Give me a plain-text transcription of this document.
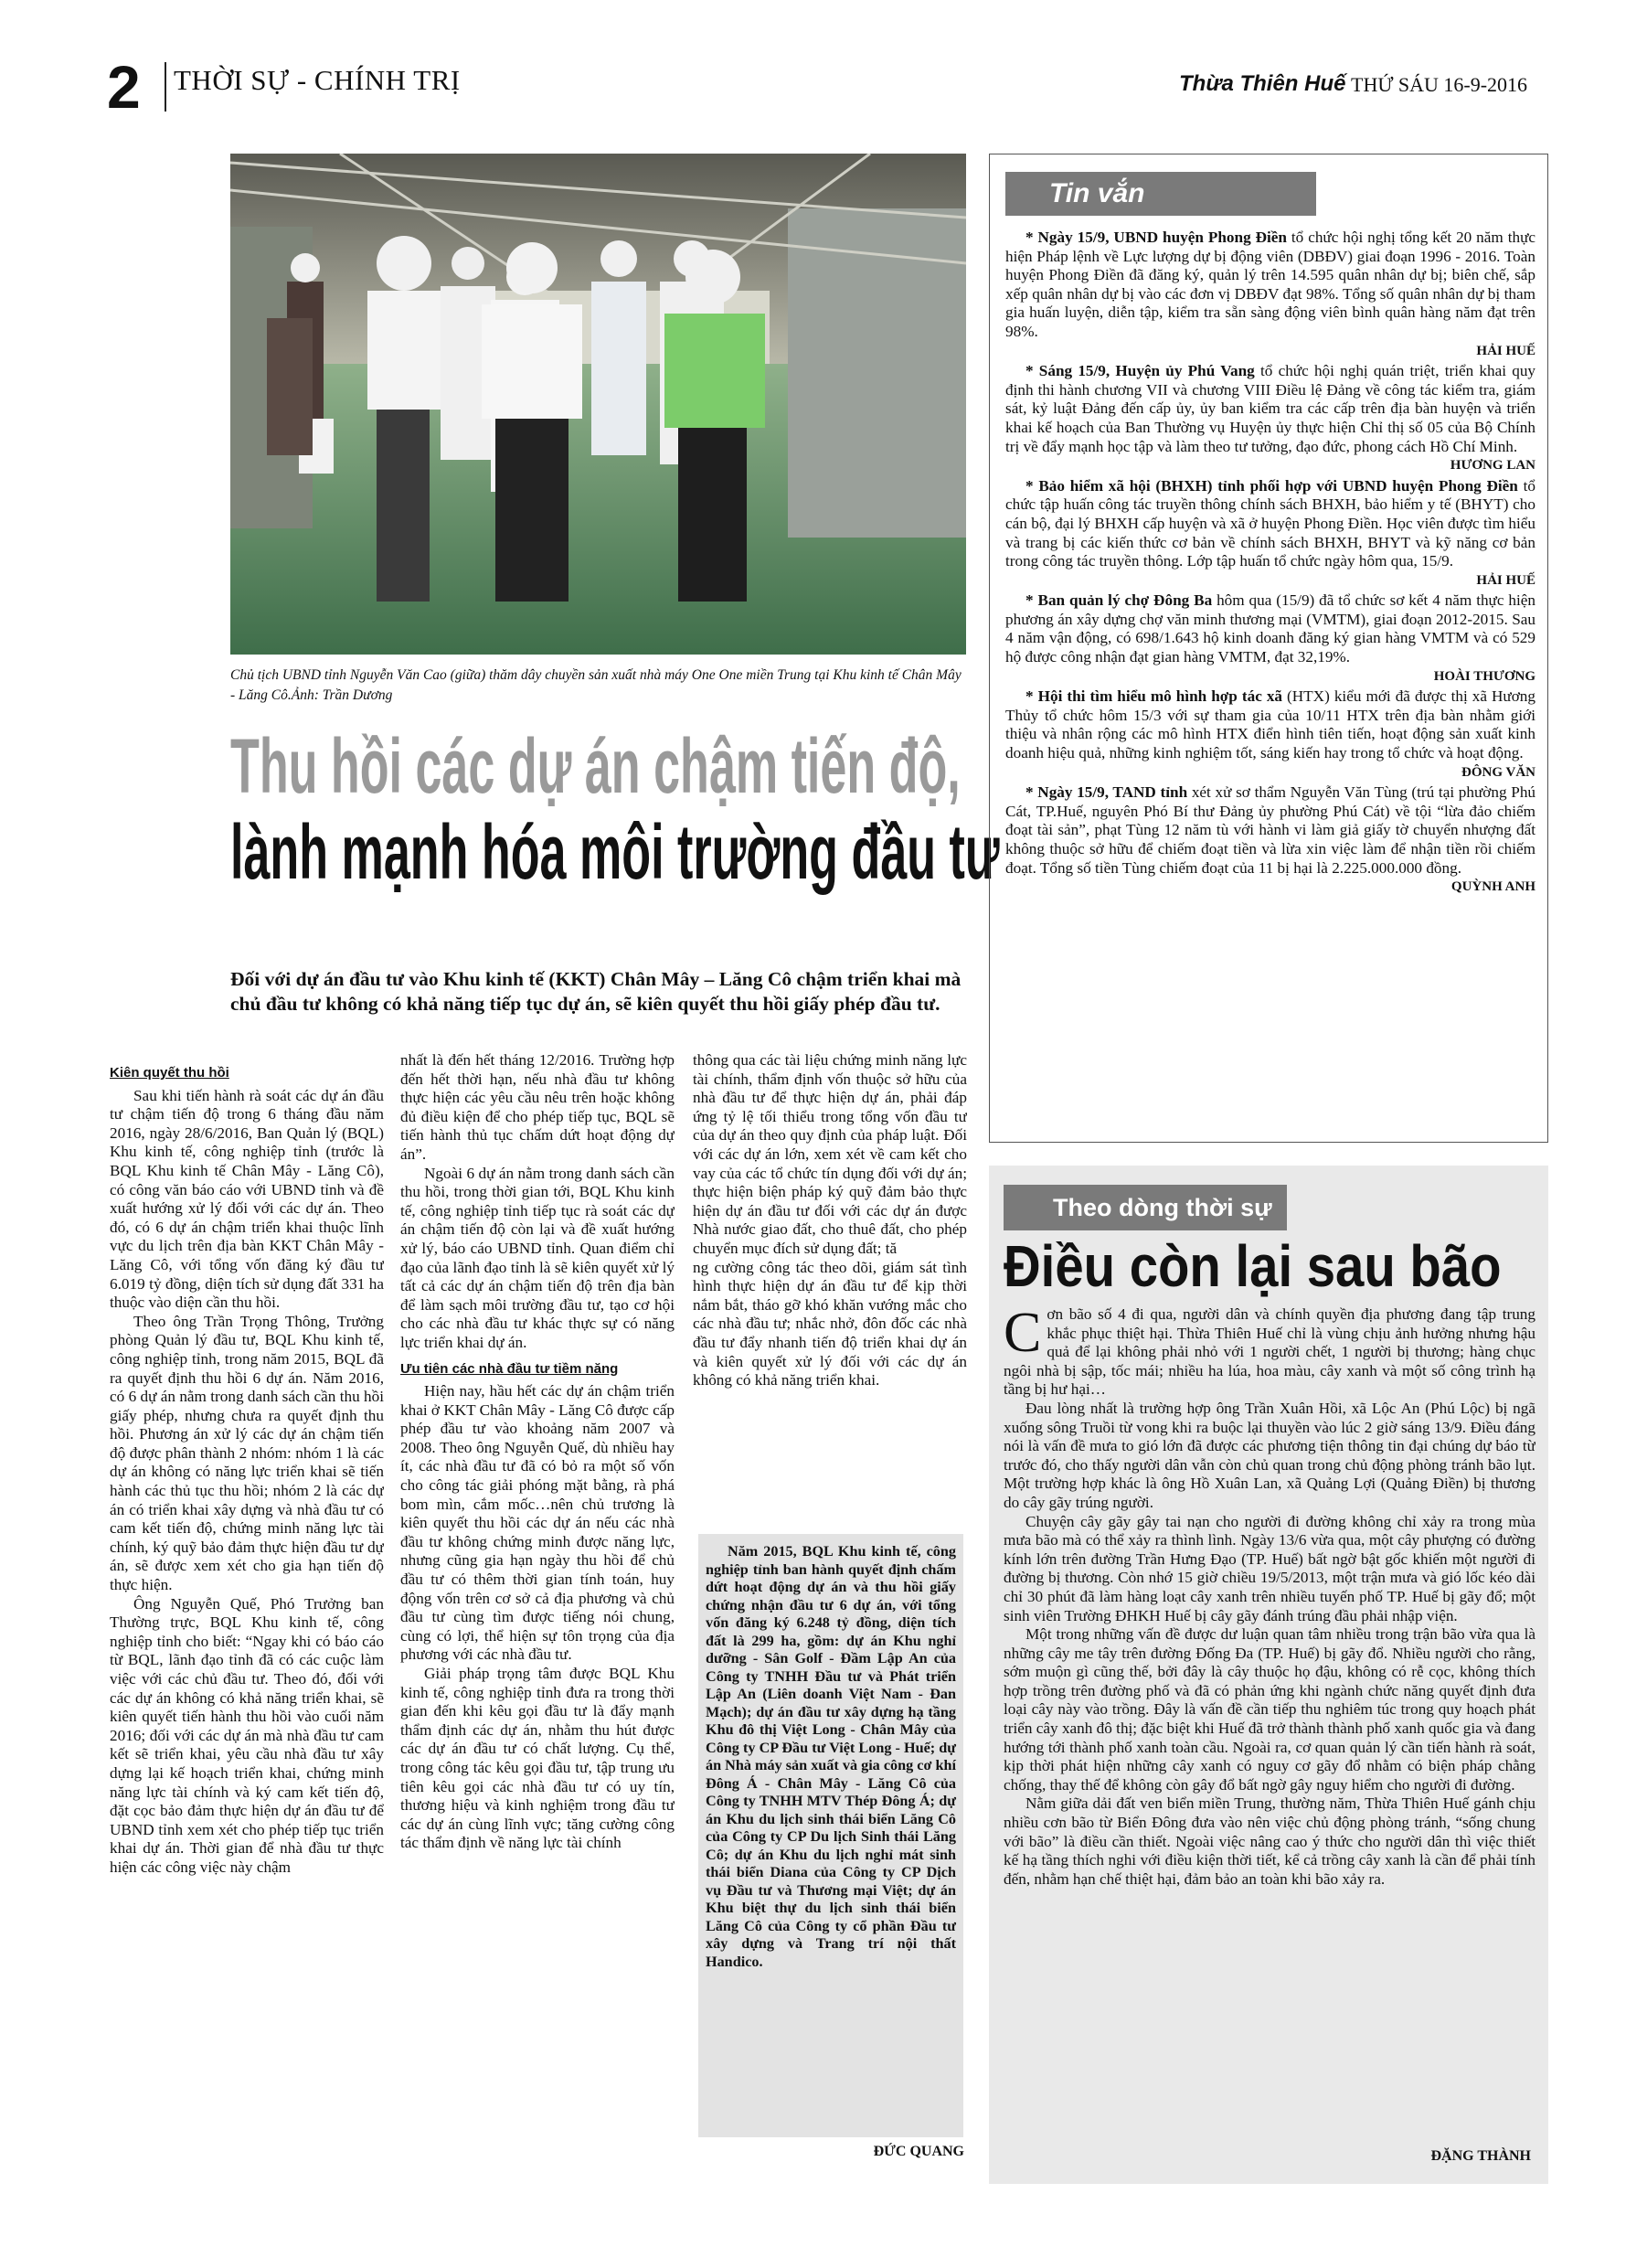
2 THỜI SỰ - CHÍNH TRỊ	Thừa Thiên Huế THỨ SÁU 16-9-2016
Chủ tịch UBND tỉnh Nguyễn Văn Cao (giữa) thăm dây chuyền sản xuất nhà máy One One miền Trung tại Khu kinh tế Chân Mây - Lăng Cô.Ảnh: Trần Dương
Thu hồi các dự án chậm tiến độ,
lành mạnh hóa môi trường đầu tư
Đối với dự án đầu tư vào Khu kinh tế (KKT) Chân Mây – Lăng Cô chậm triển khai mà chủ đầu tư không có khả năng tiếp tục dự án, sẽ kiên quyết thu hồi giấy phép đầu tư.
Kiên quyết thu hồi

Sau khi tiến hành rà soát các dự án đầu tư chậm tiến độ trong 6 tháng đầu năm 2016, ngày 28/6/2016, Ban Quản lý (BQL) Khu kinh tế, công nghiệp tỉnh (trước là BQL Khu kinh tế Chân Mây - Lăng Cô), có công văn báo cáo với UBND tỉnh và đề xuất hướng xử lý đối với các dự án. Theo đó, có 6 dự án chậm triển khai thuộc lĩnh vực du lịch trên địa bàn KKT Chân Mây - Lăng Cô, với tổng vốn đăng ký đầu tư 6.019 tỷ đồng, diện tích sử dụng đất 331 ha thuộc vào diện cần thu hồi.

Theo ông Trần Trọng Thông, Trưởng phòng Quản lý đầu tư, BQL Khu kinh tế, công nghiệp tỉnh, trong năm 2015, BQL đã ra quyết định thu hồi 6 dự án. Năm 2016, có 6 dự án nằm trong danh sách cần thu hồi giấy phép, nhưng chưa ra quyết định thu hồi. Phương án xử lý các dự án chậm tiến độ được phân thành 2 nhóm: nhóm 1 là các dự án không có năng lực triển khai sẽ tiến hành các thủ tục thu hồi; nhóm 2 là các dự án có triển khai xây dựng và nhà đầu tư có cam kết tiến độ, chứng minh năng lực tài chính, ký quỹ bảo đảm thực hiện đầu tư dự án, sẽ được xem xét cho gia hạn tiến độ thực hiện.

Ông Nguyễn Quế, Phó Trưởng ban Thường trực, BQL Khu kinh tế, công nghiệp tỉnh cho biết: “Ngay khi có báo cáo từ BQL, lãnh đạo tỉnh đã có các cuộc làm việc với các chủ đầu tư. Theo đó, đối với các dự án không có khả năng triển khai, sẽ kiên quyết tiến hành thu hồi vào cuối năm 2016; đối với các dự án mà nhà đầu tư cam kết sẽ triển khai, yêu cầu nhà đầu tư xây dựng lại kế hoạch triển khai, chứng minh năng lực tài chính và ký cam kết tiến độ, đặt cọc bảo đảm thực hiện dự án đầu tư để UBND tỉnh xem xét cho phép tiếp tục triển khai dự án. Thời gian để nhà đầu tư thực hiện các công việc này chậm

nhất là đến hết tháng 12/2016. Trường hợp đến hết thời hạn, nếu nhà đầu tư không thực hiện các yêu cầu nêu trên hoặc không đủ điều kiện để cho phép tiếp tục, BQL sẽ tiến hành thủ tục chấm dứt hoạt động dự án”.

Ngoài 6 dự án nằm trong danh sách cần thu hồi, trong thời gian tới, BQL Khu kinh tế, công nghiệp tỉnh tiếp tục rà soát các dự án chậm tiến độ còn lại và đề xuất hướng xử lý, báo cáo UBND tỉnh. Quan điểm chỉ đạo của lãnh đạo tỉnh là sẽ kiên quyết xử lý tất cả các dự án chậm tiến độ trên địa bàn để làm sạch môi trường đầu tư, tạo cơ hội cho các nhà đầu tư khác thực sự có năng lực triển khai dự án.

Ưu tiên các nhà đầu tư tiềm năng

Hiện nay, hầu hết các dự án chậm triển khai ở KKT Chân Mây - Lăng Cô được cấp phép đầu tư vào khoảng năm 2007 và 2008. Theo ông Nguyễn Quế, dù nhiều hay ít, các nhà đầu tư đã có bỏ ra một số vốn cho công tác giải phóng mặt bằng, rà phá bom mìn, cắm mốc…nên chủ trương là kiên quyết thu hồi các dự án nếu các nhà đầu tư không chứng minh được năng lực, nhưng cũng gia hạn ngày thu hồi để chủ đầu tư có thêm thời gian tính toán, huy động vốn trên cơ sở cả địa phương và chủ đầu tư cùng tìm được tiếng nói chung, cùng có lợi, thể hiện sự tôn trọng của địa phương với các nhà đầu tư.

Giải pháp trọng tâm được BQL Khu kinh tế, công nghiệp tỉnh đưa ra trong thời gian đến khi kêu gọi đầu tư là đẩy mạnh thẩm định các dự án, nhằm thu hút được các dự án đầu tư có chất lượng. Cụ thể, trong công tác kêu gọi đầu tư, tập trung ưu tiên kêu gọi các nhà đầu tư có uy tín, thương hiệu và kinh nghiệm trong đầu tư các dự án cùng lĩnh vực; tăng cường công tác thẩm định về năng lực tài chính

thông qua các tài liệu chứng minh năng lực tài chính, thẩm định vốn thuộc sở hữu của nhà đầu tư để thực hiện dự án, phải đáp ứng tỷ lệ tối thiểu trong tổng vốn đầu tư của dự án theo quy định của pháp luật. Đối với các dự án lớn, xem xét về cam kết cho vay của các tổ chức tín dụng đối với dự án; thực hiện biện pháp ký quỹ đảm bảo thực hiện dự án đầu tư đối với các dự án được Nhà nước giao đất, cho thuê đất, cho phép chuyển mục đích sử dụng đất; tă

ng cường công tác theo dõi, giám sát tình hình thực hiện dự án đầu tư để kịp thời nắm bắt, tháo gỡ khó khăn vướng mắc cho các nhà đầu tư; nhắc nhở, đôn đốc các nhà đầu tư đẩy nhanh tiến độ triển khai dự án và kiên quyết xử lý đối với các dự án không có khả năng triển khai.

Năm 2015, BQL Khu kinh tế, công nghiệp tỉnh ban hành quyết định chấm dứt hoạt động dự án và thu hồi giấy chứng nhận đầu tư 6 dự án, với tổng vốn đăng ký 6.248 tỷ đồng, diện tích đất là 299 ha, gồm: dự án Khu nghỉ dưỡng - Sân Golf - Đầm Lập An của Công ty TNHH Đầu tư và Phát triển Lập An (Liên doanh Việt Nam - Đan Mạch); dự án đầu tư xây dựng hạ tầng Khu đô thị Việt Long - Chân Mây của Công ty CP Đầu tư Việt Long - Huế; dự án Nhà máy sản xuất và gia công cơ khí Đông Á - Chân Mây - Lăng Cô của Công ty TNHH MTV Thép Đông Á; dự án Khu du lịch sinh thái biển Lăng Cô của Công ty CP Du lịch Sinh thái Lăng Cô; dự án Khu du lịch nghỉ mát sinh thái biển Diana của Công ty CP Dịch vụ Đầu tư và Thương mại Việt; dự án Khu biệt thự du lịch sinh thái biển Lăng Cô của Công ty cổ phần Đầu tư xây dựng và Trang trí nội thất Handico.

ĐỨC QUANG
Tin vắn

* Ngày 15/9, UBND huyện Phong Điền tổ chức hội nghị tổng kết 20 năm thực hiện Pháp lệnh về Lực lượng dự bị động viên (DBĐV) giai đoạn 1996 - 2016. Toàn huyện Phong Điền đã đăng ký, quản lý trên 14.595 quân nhân dự bị; biên chế, sắp xếp quân nhân dự bị vào các đơn vị DBĐV đạt 98%. Tổng số quân nhân dự bị tham gia huấn luyện, diễn tập, kiểm tra sẵn sàng động viên bình quân hàng năm đạt trên 98%.

HẢI HUẾ

* Sáng 15/9, Huyện ủy Phú Vang tổ chức hội nghị quán triệt, triển khai quy định thi hành chương VII và chương VIII Điều lệ Đảng về công tác kiểm tra, giám sát, kỷ luật Đảng đến cấp ủy, ủy ban kiểm tra các cấp trên địa bàn huyện và triển khai kế hoạch của Ban Thường vụ Huyện ủy thực hiện Chỉ thị số 05 của Bộ Chính trị về đẩy mạnh học tập và làm theo tư tưởng, đạo đức, phong cách Hồ Chí Minh.

HƯƠNG LAN

* Bảo hiểm xã hội (BHXH) tỉnh phối hợp với UBND huyện Phong Điền tổ chức tập huấn công tác truyền thông chính sách BHXH, bảo hiểm y tế (BHYT) cho cán bộ, đại lý BHXH cấp huyện và xã ở huyện Phong Điền. Học viên được tìm hiểu và trang bị các kiến thức cơ bản về chính sách BHXH, BHYT và kỹ năng cơ bản trong công tác truyền thông. Lớp tập huấn tổ chức ngày hôm qua, 15/9.

HẢI HUẾ

* Ban quản lý chợ Đông Ba hôm qua (15/9) đã tổ chức sơ kết 4 năm thực hiện phương án xây dựng chợ văn minh thương mại (VMTM), giai đoạn 2012-2015. Sau 4 năm vận động, có 698/1.643 hộ kinh doanh đăng ký gian hàng VMTM và có 529 hộ được công nhận đạt gian hàng VMTM, đạt 32,19%.

HOÀI THƯƠNG

* Hội thi tìm hiểu mô hình hợp tác xã (HTX) kiểu mới đã được thị xã Hương Thủy tổ chức hôm 15/3 với sự tham gia của 10/11 HTX trên địa bàn nhằm giới thiệu và nhân rộng các mô hình HTX điển hình tiên tiến, hoạt động sản xuất kinh doanh hiệu quả, những kinh nghiệm tốt, sáng kiến hay trong tổ chức và hoạt động.

ĐÔNG VĂN

* Ngày 15/9, TAND tỉnh xét xử sơ thẩm Nguyễn Văn Tùng (trú tại phường Phú Cát, TP.Huế, nguyên Phó Bí thư Đảng ủy phường Phú Cát) về tội “lừa đảo chiếm đoạt tài sản”, phạt Tùng 12 năm tù với hành vi làm giả giấy tờ chuyển nhượng đất không thuộc sở hữu để chiếm đoạt tiền và lừa xin việc làm để nhận tiền rồi chiếm đoạt. Tổng số tiền Tùng chiếm đoạt của 11 bị hại là 2.225.000.000 đồng.

QUỲNH ANH

Theo dòng thời sự
Điều còn lại sau bão

Cơn bão số 4 đi qua, người dân và chính quyền địa phương đang tập trung khắc phục thiệt hại. Thừa Thiên Huế chỉ là vùng chịu ảnh hưởng nhưng hậu quả để lại không phải nhỏ với 1 người chết, 1 người bị thương; hàng chục ngôi nhà bị sập, tốc mái; nhiều ha lúa, hoa màu, cây xanh và một số công trình hạ tầng bị hư hại…

Đau lòng nhất là trường hợp ông Trần Xuân Hồi, xã Lộc An (Phú Lộc) bị ngã xuống sông Truồi từ vong khi ra buộc lại thuyền vào lúc 2 giờ sáng 13/9. Điều đáng nói là vấn đề mưa to gió lớn đã được các phương tiện thông tin đại chúng dự báo từ trước đó, cho thấy người dân vẫn còn chủ quan trong chủ động phòng tránh bão lụt. Một trường hợp khác là ông Hồ Xuân Lan, xã Quảng Lợi (Quảng Điền) bị thương do cây gãy trúng người.

Chuyện cây gãy gây tai nạn cho người đi đường không chỉ xảy ra trong mùa mưa bão mà có thể xảy ra thình lình. Ngày 13/6 vừa qua, một cây phượng có đường kính lớn trên đường Trần Hưng Đạo (TP. Huế) bất ngờ bật gốc khiến một người đi đường bị thương. Còn nhớ 15 giờ chiều 19/5/2013, một trận mưa và gió lốc kéo dài chỉ 30 phút đã làm hàng loạt cây xanh trên nhiều tuyến phố TP. Huế bị gãy đổ; một sinh viên Trường ĐHKH Huế bị cây gãy đánh trúng đầu phải nhập viện.

Một trong những vấn đề được dư luận quan tâm nhiều trong trận bão vừa qua là những cây me tây trên đường Đống Đa (TP. Huế) bị gãy đổ. Nhiều người cho rằng, sớm muộn gì cũng thế, bởi đây là cây thuộc họ đậu, không có rễ cọc, không thích hợp trồng trên đường phố và đã có phản ứng khi ngành chức năng quyết định đưa loại cây này vào trồng. Đây là vấn đề cần tiếp thu nghiêm túc trong quy hoạch phát triển cây xanh đô thị; đặc biệt khi Huế đã trở thành thành phố xanh quốc gia và đang hướng tới thành phố xanh toàn cầu. Ngoài ra, cơ quan quản lý cần tiến hành rà soát, kịp thời phát hiện những cây xanh có nguy cơ gãy đổ nhằm có biện pháp chằng chống, thay thế để không còn gây đổ bất ngờ gây nguy hiểm cho người đi đường.

Nằm giữa dải đất ven biển miền Trung, thường năm, Thừa Thiên Huế gánh chịu nhiều cơn bão từ Biển Đông đưa vào nên việc chủ động phòng tránh, “sống chung với bão” là điều cần thiết. Ngoài việc nâng cao ý thức cho người dân thì việc thiết kế hạ tầng thích nghi với điều kiện thời tiết, kể cả trồng cây xanh là cần để phải tính đến, nhằm hạn chế thiệt hại, đảm bảo an toàn khi bão xảy ra.

ĐẶNG THÀNH
